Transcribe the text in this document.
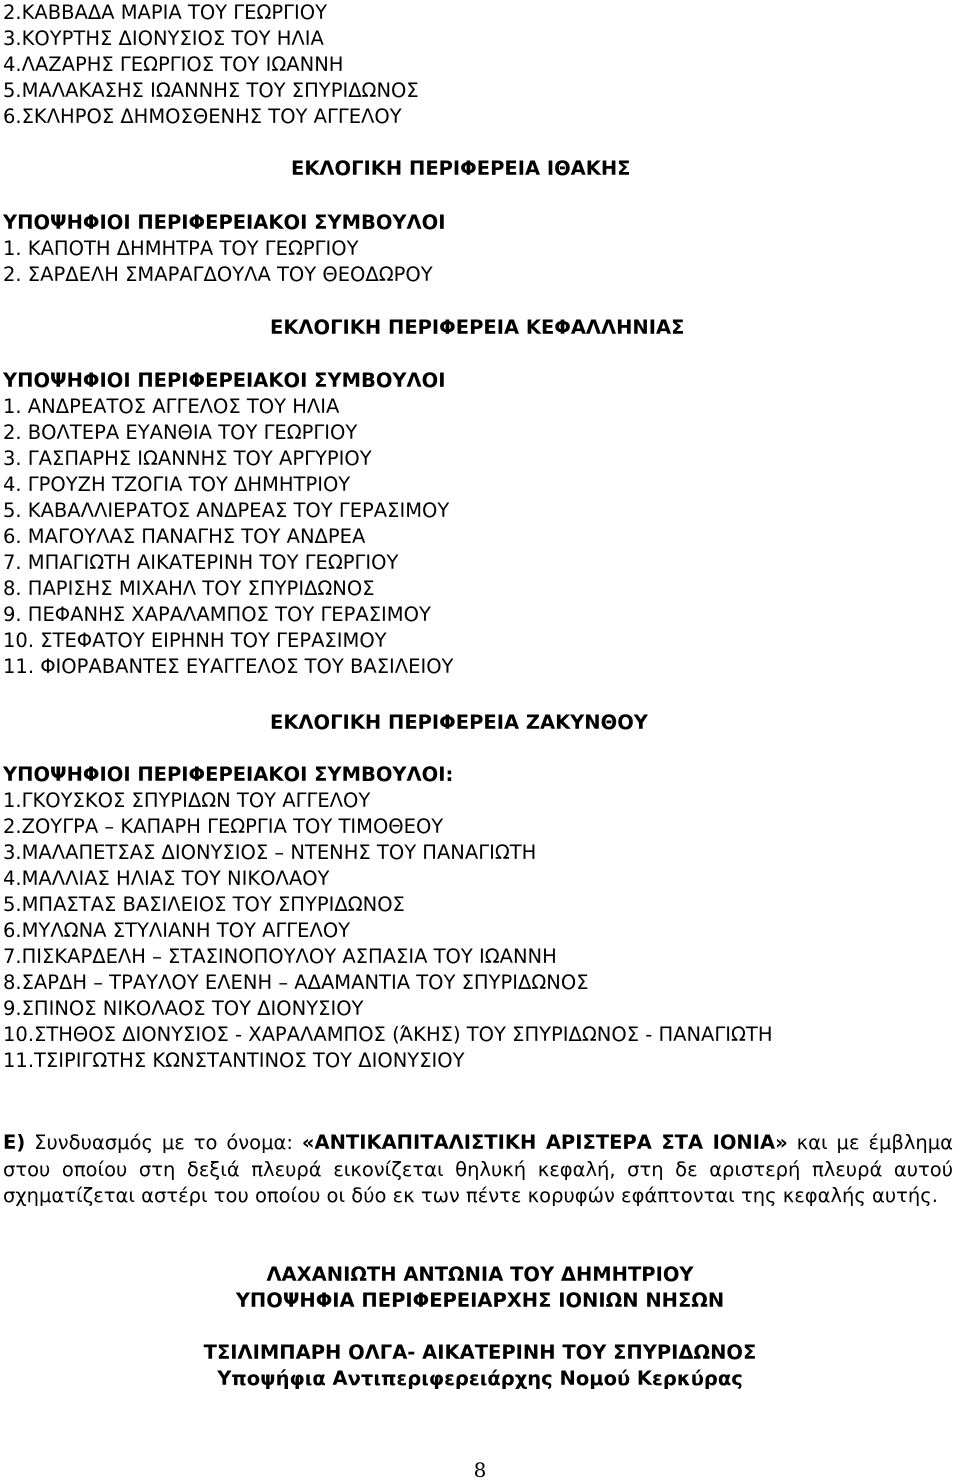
2.ΚΑΒΒΑΔΑ ΜΑΡΙΑ ΤΟΥ ΓΕΩΡΓΙΟΥ
3.ΚΟΥΡΤΗΣ ΔΙΟΝΥΣΙΟΣ ΤΟΥ ΗΛΙΑ
4.ΛΑΖΑΡΗΣ ΓΕΩΡΓΙΟΣ ΤΟΥ ΙΩΑΝΝΗ
5.ΜΑΛΑΚΑΣΗΣ ΙΩΑΝΝΗΣ ΤΟΥ ΣΠΥΡΙΔΩΝΟΣ
6.ΣΚΛΗΡΟΣ ΔΗΜΟΣΘΕΝΗΣ ΤΟΥ ΑΓΓΕΛΟΥ
ΕΚΛΟΓΙΚΗ ΠΕΡΙΦΕΡΕΙΑ ΙΘΑΚΗΣ
ΥΠΟΨΗΦΙΟΙ ΠΕΡΙΦΕΡΕΙΑΚΟΙ ΣΥΜΒΟΥΛΟΙ
1. ΚΑΠΟΤΗ ΔΗΜΗΤΡΑ ΤΟΥ ΓΕΩΡΓΙΟΥ
2. ΣΑΡΔΕΛΗ ΣΜΑΡΑΓΔΟΥΛΑ ΤΟΥ ΘΕΟΔΩΡΟΥ
ΕΚΛΟΓΙΚΗ ΠΕΡΙΦΕΡΕΙΑ ΚΕΦΑΛΛΗΝΙΑΣ
ΥΠΟΨΗΦΙΟΙ ΠΕΡΙΦΕΡΕΙΑΚΟΙ ΣΥΜΒΟΥΛΟΙ
1. ΑΝΔΡΕΑΤΟΣ ΑΓΓΕΛΟΣ ΤΟΥ ΗΛΙΑ
2. ΒΟΛΤΕΡΑ ΕΥΑΝΘΙΑ ΤΟΥ ΓΕΩΡΓΙΟΥ
3. ΓΑΣΠΑΡΗΣ ΙΩΑΝΝΗΣ ΤΟΥ ΑΡΓΥΡΙΟΥ
4. ΓΡΟΥΖΗ ΤΖΟΓΙΑ ΤΟΥ ΔΗΜΗΤΡΙΟΥ
5. ΚΑΒΑΛΛΙΕΡΑΤΟΣ ΑΝΔΡΕΑΣ ΤΟΥ ΓΕΡΑΣΙΜΟΥ
6. ΜΑΓΟΥΛΑΣ ΠΑΝΑΓΗΣ ΤΟΥ ΑΝΔΡΕΑ
7. ΜΠΑΓΙΩΤΗ ΑΙΚΑΤΕΡΙΝΗ ΤΟΥ ΓΕΩΡΓΙΟΥ
8. ΠΑΡΙΣΗΣ ΜΙΧΑΗΛ ΤΟΥ ΣΠΥΡΙΔΩΝΟΣ
9. ΠΕΦΑΝΗΣ ΧΑΡΑΛΑΜΠΟΣ ΤΟΥ ΓΕΡΑΣΙΜΟΥ
10. ΣΤΕΦΑΤΟΥ ΕΙΡΗΝΗ ΤΟΥ ΓΕΡΑΣΙΜΟΥ
11. ΦΙΟΡΑΒΑΝΤΕΣ ΕΥΑΓΓΕΛΟΣ ΤΟΥ ΒΑΣΙΛΕΙΟΥ
ΕΚΛΟΓΙΚΗ ΠΕΡΙΦΕΡΕΙΑ ΖΑΚΥΝΘΟΥ
ΥΠΟΨΗΦΙΟΙ ΠΕΡΙΦΕΡΕΙΑΚΟΙ ΣΥΜΒΟΥΛΟΙ:
1.ΓΚΟΥΣΚΟΣ ΣΠΥΡΙΔΩΝ ΤΟΥ ΑΓΓΕΛΟΥ
2.ΖΟΥΓΡΑ – ΚΑΠΑΡΗ ΓΕΩΡΓΙΑ ΤΟΥ ΤΙΜΟΘΕΟΥ
3.ΜΑΛΑΠΕΤΣΑΣ ΔΙΟΝΥΣΙΟΣ – ΝΤΕΝΗΣ ΤΟΥ ΠΑΝΑΓΙΩΤΗ
4.ΜΑΛΛΙΑΣ ΗΛΙΑΣ ΤΟΥ ΝΙΚΟΛΑΟΥ
5.ΜΠΑΣΤΑΣ ΒΑΣΙΛΕΙΟΣ ΤΟΥ ΣΠΥΡΙΔΩΝΟΣ
6.ΜΥΛΩΝΑ ΣΤΥΛΙΑΝΗ ΤΟΥ ΑΓΓΕΛΟΥ
7.ΠΙΣΚΑΡΔΕΛΗ – ΣΤΑΣΙΝΟΠΟΥΛΟΥ ΑΣΠΑΣΙΑ ΤΟΥ ΙΩΑΝΝΗ
8.ΣΑΡΔΗ – ΤΡΑΥΛΟΥ ΕΛΕΝΗ – ΑΔΑΜΑΝΤΙΑ ΤΟΥ ΣΠΥΡΙΔΩΝΟΣ
9.ΣΠΙΝΟΣ ΝΙΚΟΛΑΟΣ ΤΟΥ ΔΙΟΝΥΣΙΟΥ
10.ΣΤΗΘΟΣ ΔΙΟΝΥΣΙΟΣ - ΧΑΡΑΛΑΜΠΟΣ (ΆΚΗΣ) ΤΟΥ ΣΠΥΡΙΔΩΝΟΣ - ΠΑΝΑΓΙΩΤΗ
11.ΤΣΙΡΙΓΩΤΗΣ ΚΩΝΣΤΑΝΤΙΝΟΣ ΤΟΥ ΔΙΟΝΥΣΙΟΥ
Ε) Συνδυασμός με το όνομα: «ΑΝΤΙΚΑΠΙΤΑΛΙΣΤΙΚΗ ΑΡΙΣΤΕΡΑ ΣΤΑ ΙΟΝΙΑ» και με έμβλημα στου οποίου στη δεξιά πλευρά εικονίζεται θηλυκή κεφαλή, στη δε αριστερή πλευρά αυτού σχηματίζεται αστέρι του οποίου οι δύο εκ των πέντε κορυφών εφάπτονται της κεφαλής αυτής.
ΛΑΧΑΝΙΩΤΗ ΑΝΤΩΝΙΑ ΤΟΥ ΔΗΜΗΤΡΙΟΥ
ΥΠΟΨΗΦΙΑ ΠΕΡΙΦΕΡΕΙΑΡΧΗΣ ΙΟΝΙΩΝ ΝΗΣΩΝ
ΤΣΙΛΙΜΠΑΡΗ ΟΛΓΑ- ΑΙΚΑΤΕΡΙΝΗ ΤΟΥ ΣΠΥΡΙΔΩΝΟΣ
Υποψήφια Αντιπεριφερειάρχης Νομού Κερκύρας
8
